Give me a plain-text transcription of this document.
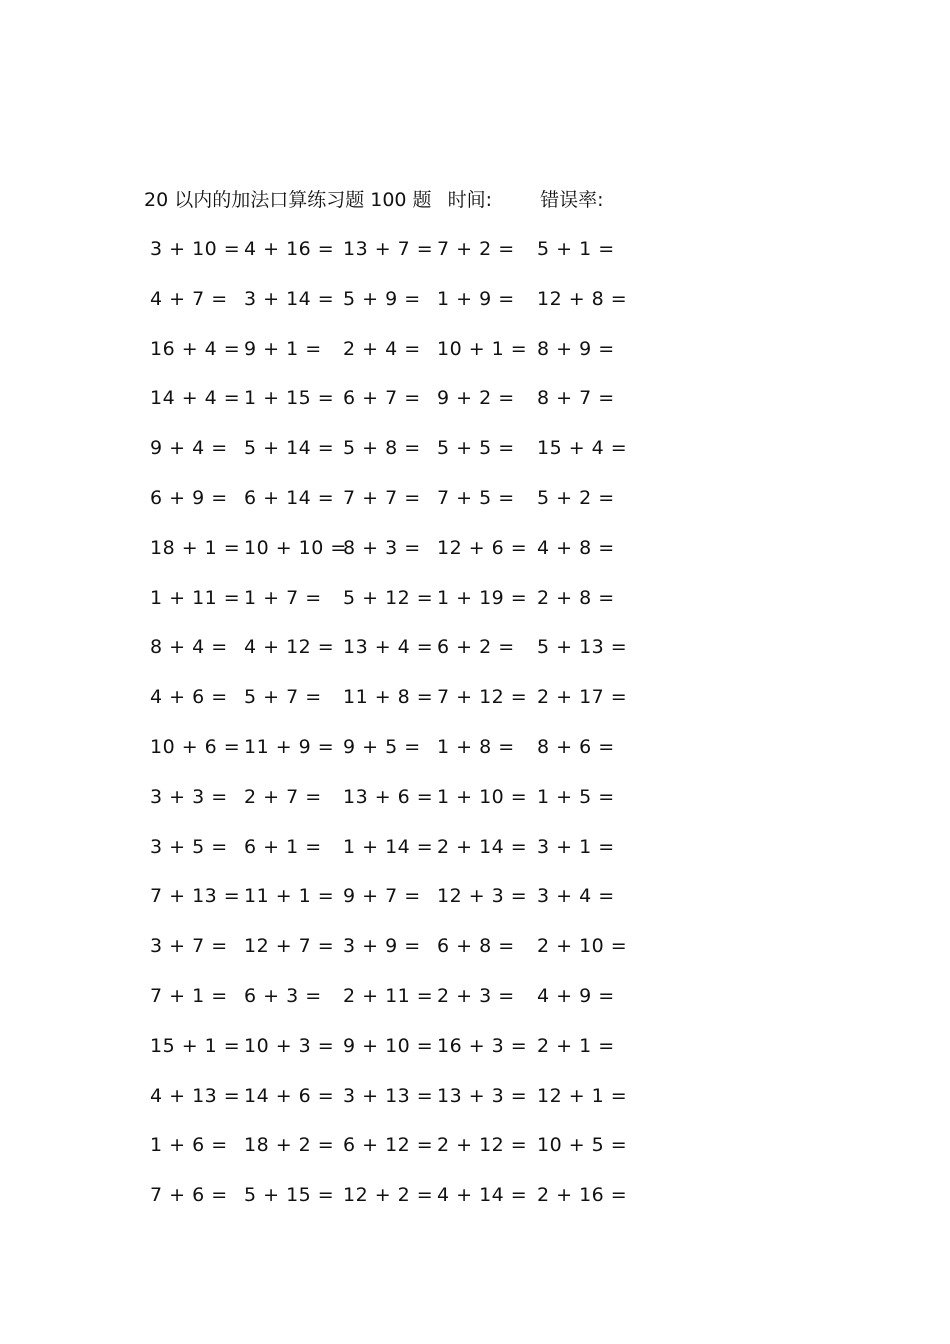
20 以内的加法口算练习题 100 题 时间:	错误率:
3 + 10 = 4 + 16 = 13 + 7 = 7 + 2 = 5 + 1 =
4 + 7 = 3 + 14 = 5 + 9 = 1 + 9 = 12 + 8 =
16 + 4 = 9 + 1 = 2 + 4 = 10 + 1 = 8 + 9 =
14 + 4 = 1 + 15 = 6 + 7 = 9 + 2 = 8 + 7 =
9 + 4 = 5 + 14 = 5 + 8 = 5 + 5 = 15 + 4 =
6 + 9 = 6 + 14 = 7 + 7 = 7 + 5 = 5 + 2 =
18 + 1 = 10 + 10 =
8 + 3 = 12 + 6 = 4 + 8 =
1 + 11 = 1 + 7 = 5 + 12 = 1 + 19 = 2 + 8 =
8 + 4 = 4 + 12 = 13 + 4 = 6 + 2 = 5 + 13 =
4 + 6 = 5 + 7 = 11 + 8 = 7 + 12 = 2 + 17 =
10 + 6 = 11 + 9 = 9 + 5 = 1 + 8 = 8 + 6 =
3 + 3 = 2 + 7 = 13 + 6 = 1 + 10 = 1 + 5 =
3 + 5 = 6 + 1 = 1 + 14 = 2 + 14 = 3 + 1 =
7 + 13 = 11 + 1 = 9 + 7 = 12 + 3 = 3 + 4 =
3 + 7 = 12 + 7 = 3 + 9 = 6 + 8 = 2 + 10 =
7 + 1 = 6 + 3 = 2 + 11 = 2 + 3 = 4 + 9 =
15 + 1 = 10 + 3 = 9 + 10 = 16 + 3 = 2 + 1 =
4 + 13 = 14 + 6 = 3 + 13 = 13 + 3 = 12 + 1 =
1 + 6 = 18 + 2 = 6 + 12 = 2 + 12 = 10 + 5 =
7 + 6 = 5 + 15 = 12 + 2 = 4 + 14 = 2 + 16 =
